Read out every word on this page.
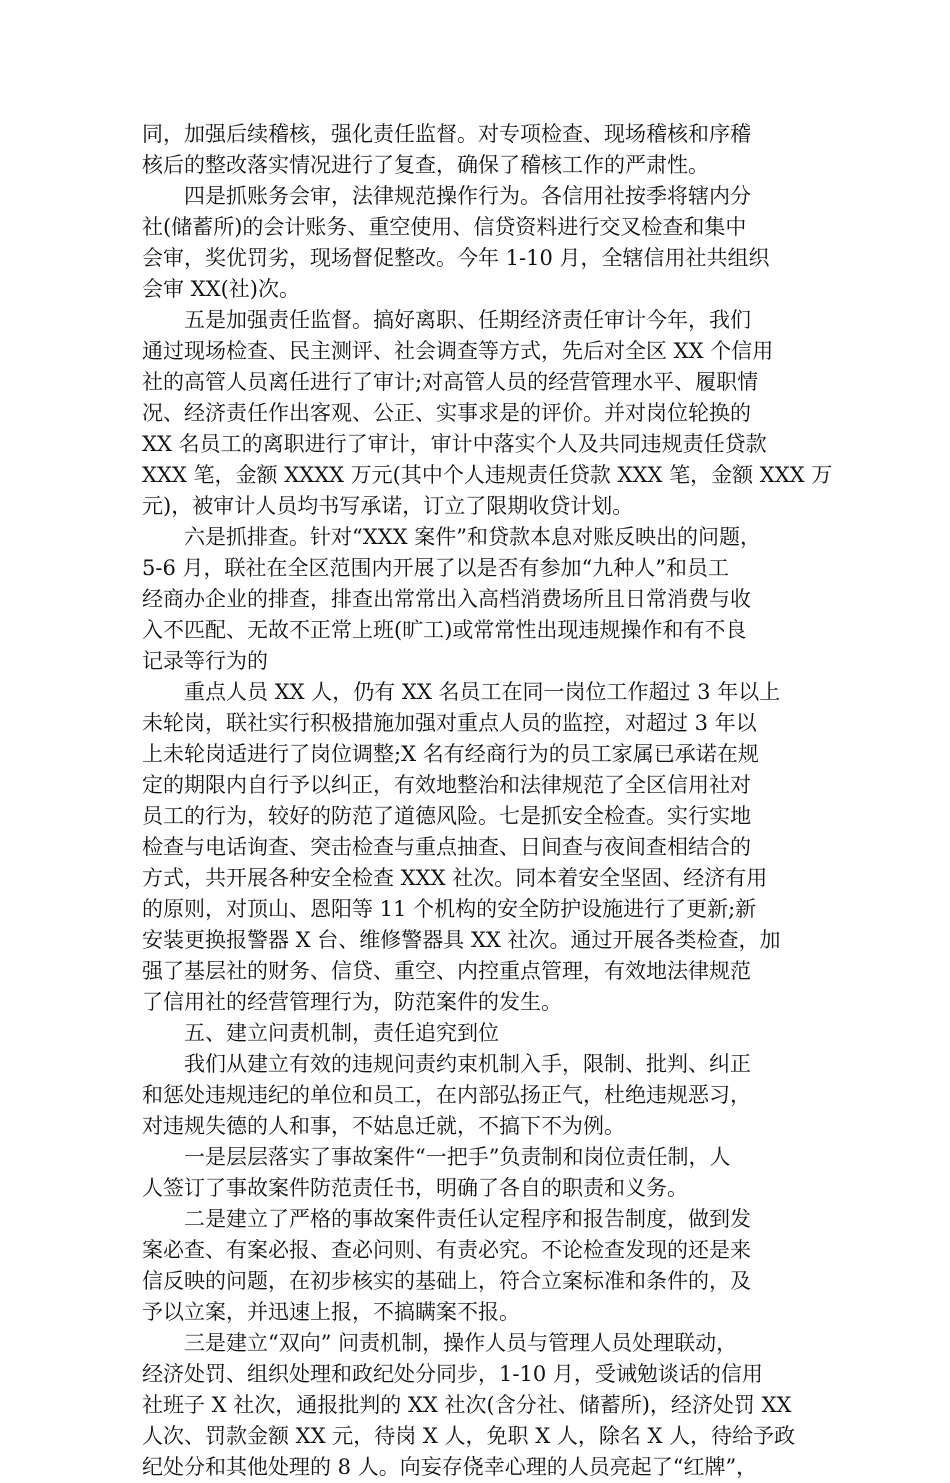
同，加强后续稽核，强化责任监督。对专项检查、现场稽核和序稽
核后的整改落实情况进行了复查，确保了稽核工作的严肃性。
四是抓账务会审，法律规范操作行为。各信用社按季将辖内分
社(储蓄所)的会计账务、重空使用、信贷资料进行交叉检查和集中
会审，奖优罚劣，现场督促整改。今年 1-10 月，全辖信用社共组织
会审 XX(社)次。
五是加强责任监督。搞好离职、任期经济责任审计今年，我们
通过现场检查、民主测评、社会调查等方式，先后对全区 XX 个信用
社的高管人员离任进行了审计;对高管人员的经营管理水平、履职情
况、经济责任作出客观、公正、实事求是的评价。并对岗位轮换的
XX 名员工的离职进行了审计，审计中落实个人及共同违规责任贷款
XXX 笔，金额 XXXX 万元(其中个人违规责任贷款 XXX 笔，金额 XXX 万
元)，被审计人员均书写承诺，订立了限期收贷计划。
六是抓排查。针对“XXX 案件”和贷款本息对账反映出的问题，
5-6 月，联社在全区范围内开展了以是否有参加“九种人”和员工
经商办企业的排查，排查出常常出入高档消费场所且日常消费与收
入不匹配、无故不正常上班(旷工)或常常性出现违规操作和有不良
记录等行为的
重点人员 XX 人，仍有 XX 名员工在同一岗位工作超过 3 年以上
未轮岗，联社实行积极措施加强对重点人员的监控，对超过 3 年以
上未轮岗适进行了岗位调整;X 名有经商行为的员工家属已承诺在规
定的期限内自行予以纠正，有效地整治和法律规范了全区信用社对
员工的行为，较好的防范了道德风险。七是抓安全检查。实行实地
检查与电话询查、突击检查与重点抽查、日间查与夜间查相结合的
方式，共开展各种安全检查 XXX 社次。同本着安全坚固、经济有用
的原则，对顶山、恩阳等 11 个机构的安全防护设施进行了更新;新
安装更换报警器 X 台、维修警器具 XX 社次。通过开展各类检查，加
强了基层社的财务、信贷、重空、内控重点管理，有效地法律规范
了信用社的经营管理行为，防范案件的发生。
五、建立问责机制，责任追究到位
我们从建立有效的违规问责约束机制入手，限制、批判、纠正
和惩处违规违纪的单位和员工，在内部弘扬正气，杜绝违规恶习，
对违规失德的人和事，不姑息迁就，不搞下不为例。
一是层层落实了事故案件“一把手”负责制和岗位责任制，人
人签订了事故案件防范责任书，明确了各自的职责和义务。
二是建立了严格的事故案件责任认定程序和报告制度，做到发
案必查、有案必报、查必问则、有责必究。不论检查发现的还是来
信反映的问题，在初步核实的基础上，符合立案标准和条件的，及
予以立案，并迅速上报，不搞瞒案不报。
三是建立“双向” 问责机制，操作人员与管理人员处理联动，
经济处罚、组织处理和政纪处分同步，1-10 月，受诫勉谈话的信用
社班子 X 社次，通报批判的 XX 社次(含分社、储蓄所)，经济处罚 XX
人次、罚款金额 XX 元，待岗 X 人，免职 X 人，除名 X 人，待给予政
纪处分和其他处理的 8 人。向妄存侥幸心理的人员亮起了“红牌”，
